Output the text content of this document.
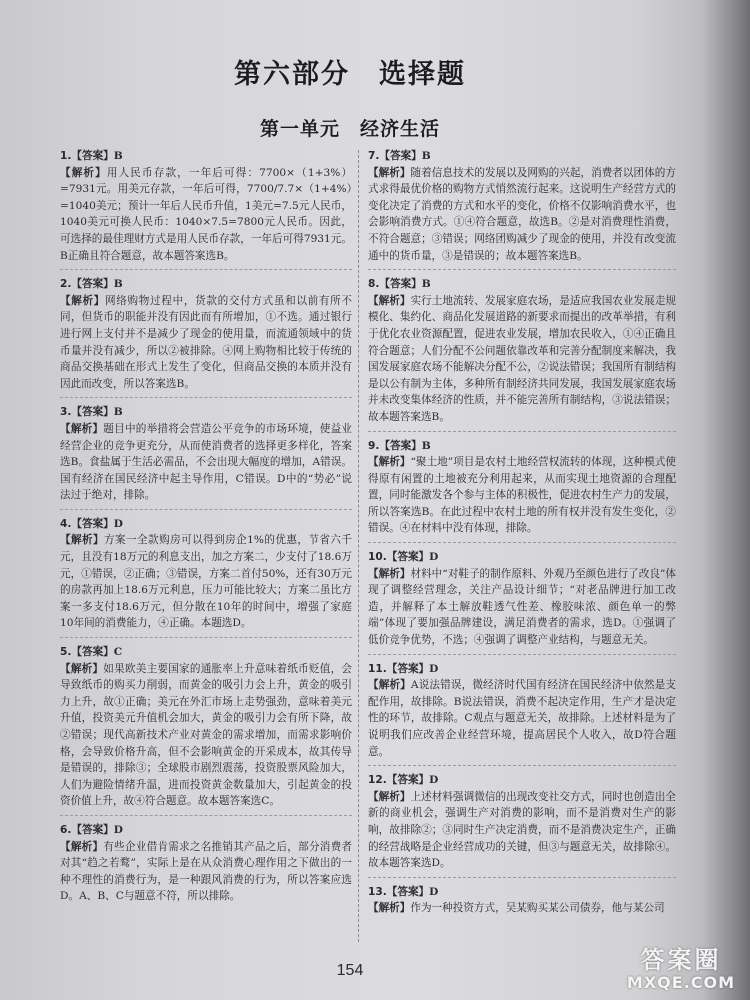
第六部分　选择题
第一单元　经济生活
1.【答案】B
【解析】用人民币存款，一年后可得：7700×（1+3%）=7931元。用美元存款，一年后可得，7700/7.7×（1+4%）=1040美元；预计一年后人民币升值，1美元=7.5元人民币，1040美元可换人民币：1040×7.5=7800元人民币。因此，可选择的最佳理财方式是用人民币存款，一年后可得7931元。B正确且符合题意，故本题答案选B。
2.【答案】B
【解析】网络购物过程中，货款的交付方式虽和以前有所不同，但货币的职能并没有因此而有所增加，①不选。通过银行进行网上支付并不是减少了现金的使用量，而流通领域中的货币量并没有减少，所以②被排除。④网上购物相比较于传统的商品交换基础在形式上发生了变化，但商品交换的本质并没有因此而改变，所以答案选B。
3.【答案】B
【解析】题目中的举措将会营造公平竞争的市场环境，使益业经营企业的竞争更充分，从而使消费者的选择更多样化，答案选B。食盐属于生活必需品，不会出现大幅度的增加，A错误。国有经济在国民经济中起主导作用，C错误。D中的“势必”说法过于绝对，排除。
4.【答案】D
【解析】方案一全款购房可以得到房企1%的优惠，节省六千元，且没有18万元的利息支出，加之方案二，少支付了18.6万元，①错误，②正确；③错误，方案二首付50%，还有30万元的房款再加上18.6万元利息，压力可能比较大；方案二虽比方案一多支付18.6万元，但分散在10年的时间中，增强了家庭10年间的消费能力，④正确。本题选D。
5.【答案】C
【解析】如果欧美主要国家的通胀率上升意味着纸币贬值，会导致纸币的购买力削弱，而黄金的吸引力会上升，黄金的吸引力上升，故①正确；美元在外汇市场上走势强劲，意味着美元升值，投资美元升值机会加大，黄金的吸引力会有所下降，故②错误；现代高新技术产业对黄金的需求增加，而需求影响价格，会导致价格升高，但不会影响黄金的开采成本，故其传导是错误的，排除③；全球股市剧烈震荡，投资股票风险加大，人们为避险情绪升温，进而投资黄金数量加大，引起黄金的投资价值上升，故④符合题意。故本题答案选C。
6.【答案】D
【解析】有些企业借肯需求之名推销其产品之后，部分消费者对其“趋之若鹜”，实际上是在从众消费心理作用之下做出的一种不理性的消费行为，是一种跟风消费的行为，所以答案应选D。A、B、C与题意不符，所以排除。
7.【答案】B
【解析】随着信息技术的发展以及网购的兴起，消费者以团体的方式求得最优价格的购物方式悄然流行起来。这说明生产经营方式的变化决定了消费的方式和水平的变化，价格不仅影响消费水平，也会影响消费方式。①④符合题意，故选B。②是对消费理性消费，不符合题意；③错误；网络团购减少了现金的使用，并没有改变流通中的货币量，③是错误的；故本题答案选B。
8.【答案】B
【解析】实行土地流转、发展家庭农场，是适应我国农业发展走规模化、集约化、商品化发展道路的新要求而提出的改革举措，有利于优化农业资源配置，促进农业发展，增加农民收入，①④正确且符合题意；人们分配不公问题依靠改革和完善分配制度来解决，我国发展家庭农场不能解决分配不公，②说法错误；我国所有制结构是以公有制为主体，多种所有制经济共同发展，我国发展家庭农场并未改变集体经济的性质，并不能完善所有制结构，③说法错误；故本题答案选B。
9.【答案】B
【解析】“聚土地”项目是农村土地经营权流转的体现，这种模式使得原有闲置的土地被充分利用起来，从而实现土地资源的合理配置，同时能激发各个参与主体的积极性，促进农村生产力的发展，所以答案选B。在此过程中农村土地的所有权并没有发生变化，②错误。④在材料中没有体现，排除。
10.【答案】D
【解析】材料中“对鞋子的制作原料、外观乃至颜色进行了改良”体现了调整经营理念，关注产品设计细节；“对老品牌进行加工改造，并解释了本土解放鞋透气性差、橡胶味浓、颜色单一的弊端”体现了要加强品牌建设，满足消费者的需求，选D。①强调了低价竞争优势，不选；④强调了调整产业结构，与题意无关。
11.【答案】D
【解析】A说法错误，微经济时代国有经济在国民经济中依然是支配作用，故排除。B说法错误，消费不起决定作用，生产才是决定性的环节，故排除。C观点与题意无关，故排除。上述材料是为了说明我们应改善企业经营环境，提高居民个人收入，故D符合题意。
12.【答案】D
【解析】上述材料强调微信的出现改变社交方式，同时也创造出全新的商业机会，强调生产对消费的影响，而不是消费对生产的影响，故排除②；③同时生产决定消费，而不是消费决定生产，正确的经营战略是企业经营成功的关键，但③与题意无关，故排除④。故本题答案选D。
13.【答案】D
【解析】作为一种投资方式，吴某购买某公司债券，他与某公司
154	答案圈
MXQE.COM
